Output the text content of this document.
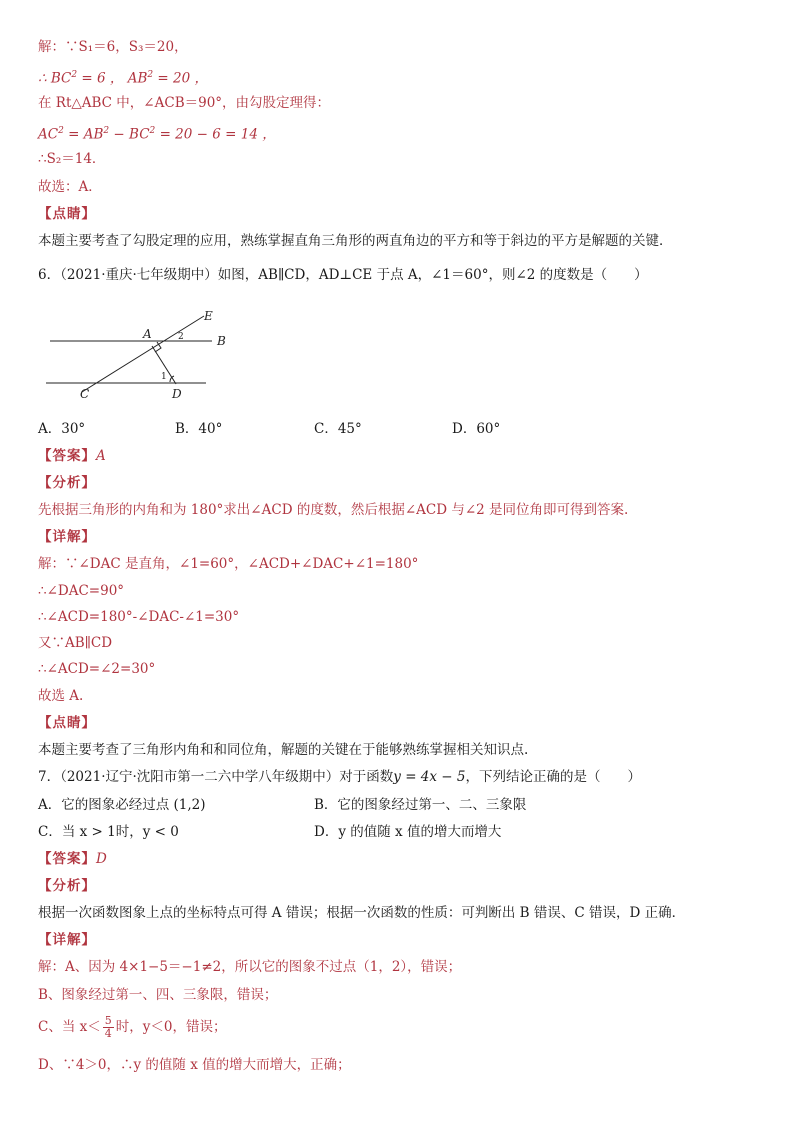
解：∵S₁＝6，S₃＝20，
∴ $BC^2 = 6$ ， $AB^2 = 20$ ，
在 Rt△ABC 中，∠ACB＝90°，由勾股定理得：
$AC^2 = AB^2 - BC^2 = 20 - 6 = 14$ ，
∴S₂＝14．
故选：A．
【点睛】
本题主要考查了勾股定理的应用，熟练掌握直角三角形的两直角边的平方和等于斜边的平方是解题的关键．
6．（2021·重庆·七年级期中）如图，AB∥CD，AD⊥CE 于点 A，∠1＝60°，则∠2 的度数是（　　）
A	B
C	D
E
2
1
A．30°	B．40°	C．45°	D．60°
【答案】A
【分析】
先根据三角形的内角和为 180°求出∠ACD 的度数，然后根据∠ACD 与∠2 是同位角即可得到答案.
【详解】
解：∵∠DAC 是直角，∠1=60°，∠ACD+∠DAC+∠1=180°
∴∠DAC=90°
∴∠ACD=180°-∠DAC-∠1=30°
又∵AB∥CD
∴∠ACD=∠2=30°
故选 A.
【点睛】
本题主要考查了三角形内角和和同位角，解题的关键在于能够熟练掌握相关知识点.
7．（2021·辽宁·沈阳市第一二六中学八年级期中）对于函数y = 4x − 5，下列结论正确的是（　　）
A．它的图象必经过点 (1,2)	B．它的图象经过第一、二、三象限
C．当 x > 1时，y < 0	D．y 的值随 x 值的增大而增大
【答案】D
【分析】
根据一次函数图象上点的坐标特点可得 A 错误；根据一次函数的性质：可判断出 B 错误、C 错误，D 正确．
【详解】
解：A、因为 4×1−5＝−1≠2，所以它的图象不过点（1，2），错误；
B、图象经过第一、四、三象限，错误；
C、当 $x< \frac{5}{4}$ 时，y＜0，错误；
D、∵4＞0，∴y 的值随 x 值的增大而增大，正确；
